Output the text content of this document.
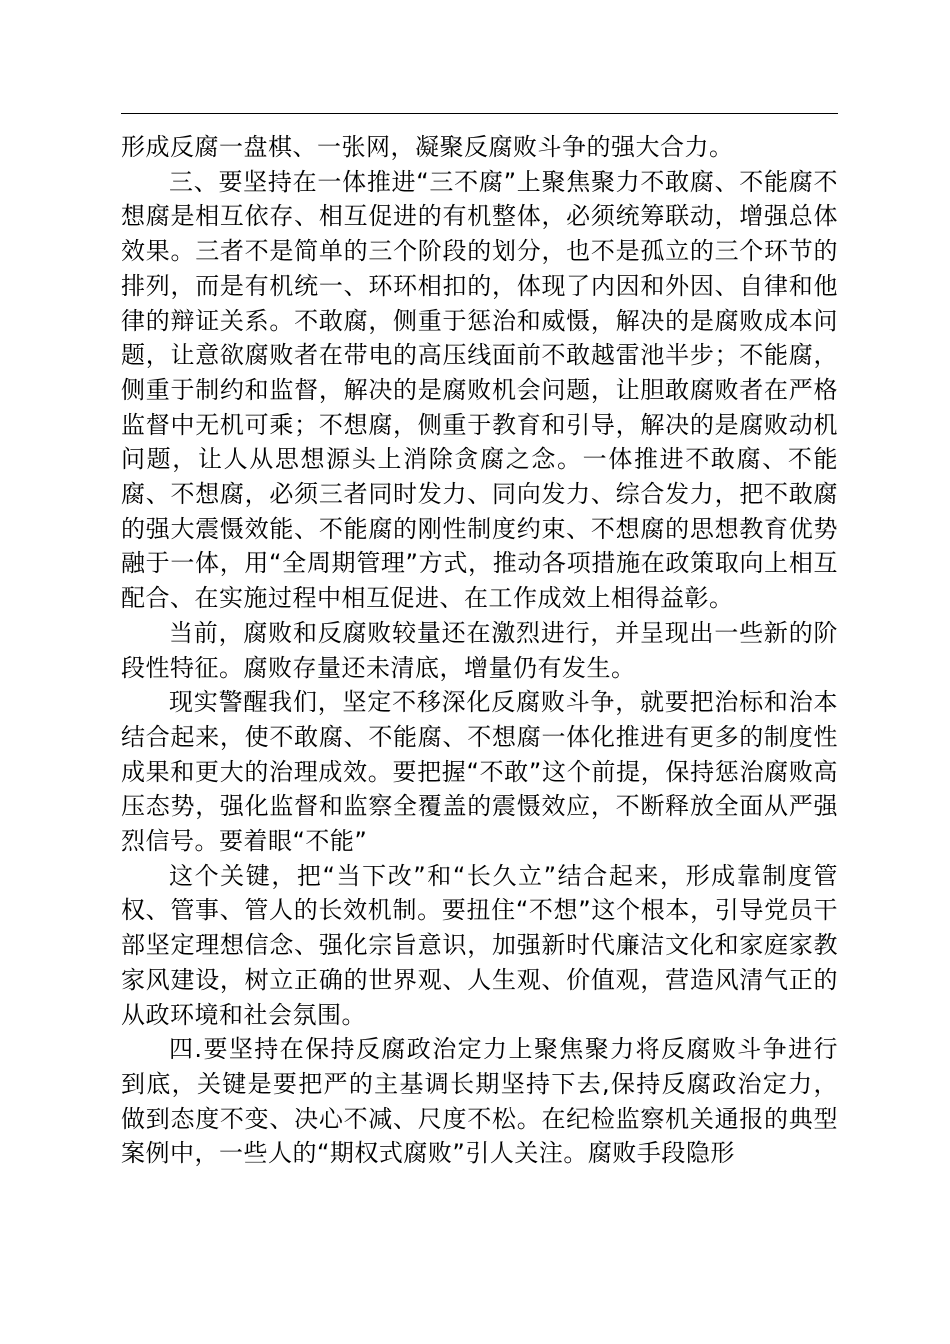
形成反腐一盘棋、一张网，凝聚反腐败斗争的强大合力。

三、要坚持在一体推进“三不腐”上聚焦聚力不敢腐、不能腐不想腐是相互依存、相互促进的有机整体，必须统筹联动，增强总体效果。三者不是简单的三个阶段的划分，也不是孤立的三个环节的排列，而是有机统一、环环相扣的，体现了内因和外因、自律和他律的辩证关系。不敢腐，侧重于惩治和威慑，解决的是腐败成本问题，让意欲腐败者在带电的高压线面前不敢越雷池半步；不能腐，侧重于制约和监督，解决的是腐败机会问题，让胆敢腐败者在严格监督中无机可乘；不想腐，侧重于教育和引导，解决的是腐败动机问题，让人从思想源头上消除贪腐之念。一体推进不敢腐、不能腐、不想腐，必须三者同时发力、同向发力、综合发力，把不敢腐的强大震慑效能、不能腐的刚性制度约束、不想腐的思想教育优势融于一体，用“全周期管理”方式，推动各项措施在政策取向上相互配合、在实施过程中相互促进、在工作成效上相得益彰。

当前，腐败和反腐败较量还在激烈进行，并呈现出一些新的阶段性特征。腐败存量还未清底，增量仍有发生。

现实警醒我们，坚定不移深化反腐败斗争，就要把治标和治本结合起来，使不敢腐、不能腐、不想腐一体化推进有更多的制度性成果和更大的治理成效。要把握“不敢”这个前提，保持惩治腐败高压态势，强化监督和监察全覆盖的震慑效应，不断释放全面从严强烈信号。要着眼“不能”

这个关键，把“当下改”和“长久立”结合起来，形成靠制度管权、管事、管人的长效机制。要扭住“不想”这个根本，引导党员干部坚定理想信念、强化宗旨意识，加强新时代廉洁文化和家庭家教家风建设，树立正确的世界观、人生观、价值观，营造风清气正的从政环境和社会氛围。

四.要坚持在保持反腐政治定力上聚焦聚力将反腐败斗争进行到底，关键是要把严的主基调长期坚持下去,保持反腐政治定力，做到态度不变、决心不减、尺度不松。在纪检监察机关通报的典型案例中，一些人的“期权式腐败”引人关注。腐败手段隐形
